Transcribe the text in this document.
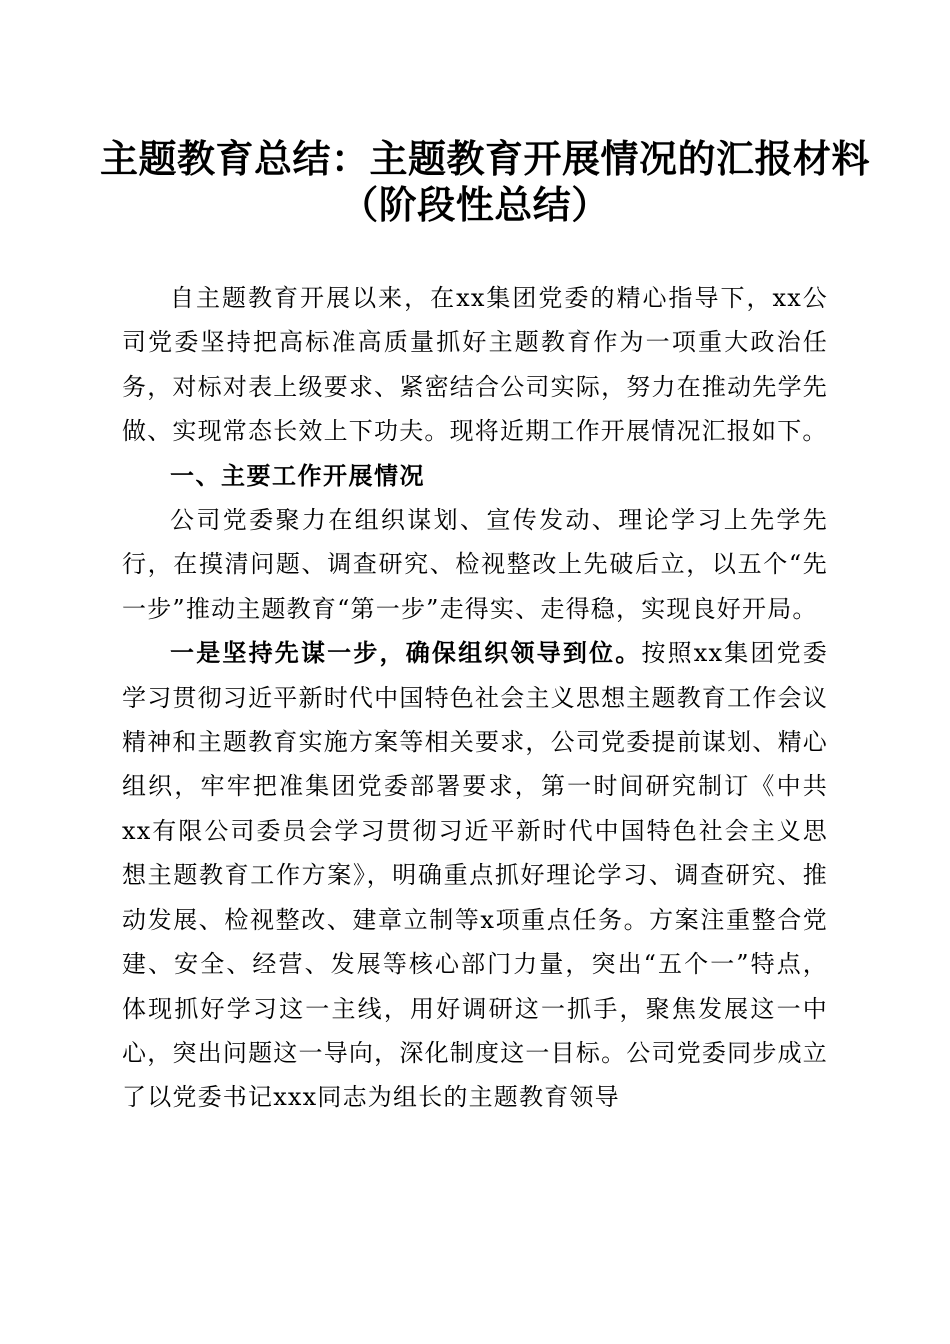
主题教育总结：主题教育开展情况的汇报材料
（阶段性总结）

自主题教育开展以来，在xx集团党委的精心指导下，xx公司党委坚持把高标准高质量抓好主题教育作为一项重大政治任务，对标对表上级要求、紧密结合公司实际，努力在推动先学先做、实现常态长效上下功夫。现将近期工作开展情况汇报如下。

一、主要工作开展情况

公司党委聚力在组织谋划、宣传发动、理论学习上先学先行，在摸清问题、调查研究、检视整改上先破后立，以五个“先一步”推动主题教育“第一步”走得实、走得稳，实现良好开局。

一是坚持先谋一步，确保组织领导到位。按照xx集团党委学习贯彻习近平新时代中国特色社会主义思想主题教育工作会议精神和主题教育实施方案等相关要求，公司党委提前谋划、精心组织，牢牢把准集团党委部署要求，第一时间研究制订《中共xx有限公司委员会学习贯彻习近平新时代中国特色社会主义思想主题教育工作方案》，明确重点抓好理论学习、调查研究、推动发展、检视整改、建章立制等x项重点任务。方案注重整合党建、安全、经营、发展等核心部门力量，突出“五个一”特点，体现抓好学习这一主线，用好调研这一抓手，聚焦发展这一中心，突出问题这一导向，深化制度这一目标。公司党委同步成立了以党委书记xxx同志为组长的主题教育领导
